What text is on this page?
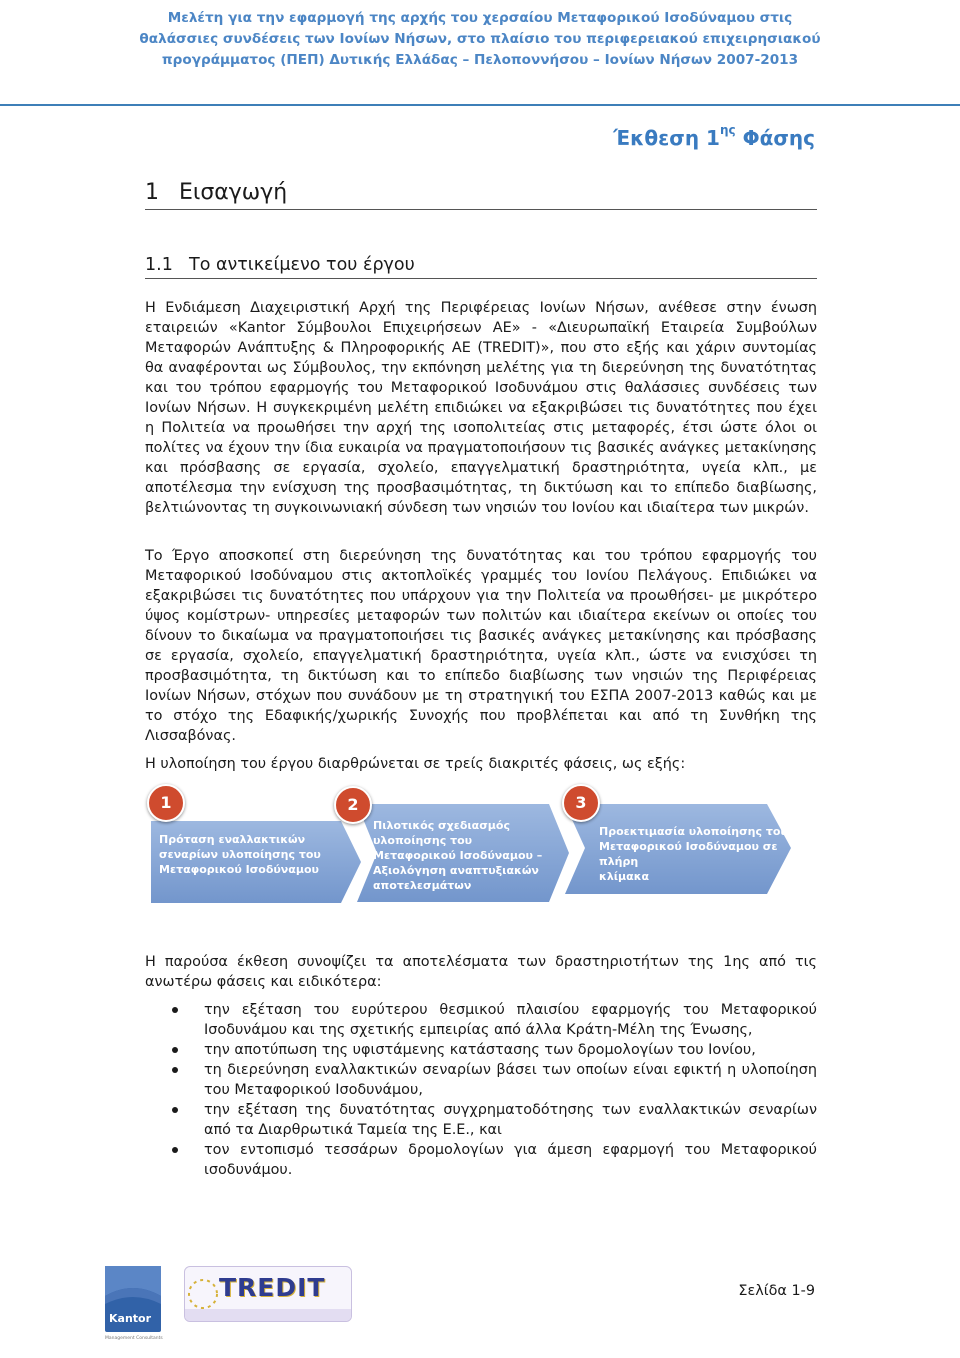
Μελέτη για την εφαρμογή της αρχής του χερσαίου Μεταφορικού Ισοδύναμου στις
θαλάσσιες συνδέσεις των Ιονίων Νήσων, στο πλαίσιο του περιφερειακού επιχειρησιακού
προγράμματος (ΠΕΠ) Δυτικής Ελλάδας – Πελοποννήσου – Ιονίων Νήσων 2007-2013
Έκθεση $1^{\eta\varsigma}$ Φάσης
1 Εισαγωγή
1.1 Το αντικείμενο του έργου

Η Ενδιάμεση Διαχειριστική Αρχή της Περιφέρειας Ιονίων Νήσων, ανέθεσε στην ένωση εταιρειών «Kantor Σύμβουλοι Επιχειρήσεων ΑΕ» - «Διευρωπαϊκή Εταιρεία Συμβούλων Μεταφορών Ανάπτυξης & Πληροφορικής ΑΕ (TREDIT)», που στο εξής και χάριν συντομίας θα αναφέρονται ως Σύμβουλος, την εκπόνηση μελέτης για τη διερεύνηση της δυνατότητας και του τρόπου εφαρμογής του Μεταφορικού Ισοδυνάμου στις θαλάσσιες συνδέσεις των Ιονίων Νήσων. Η συγκεκριμένη μελέτη επιδιώκει να εξακριβώσει τις δυνατότητες που έχει η Πολιτεία να προωθήσει την αρχή της ισοπολιτείας στις μεταφορές, έτσι ώστε όλοι οι πολίτες να έχουν την ίδια ευκαιρία να πραγματοποιήσουν τις βασικές ανάγκες μετακίνησης και πρόσβασης σε εργασία, σχολείο, επαγγελματική δραστηριότητα, υγεία κλπ., με αποτέλεσμα την ενίσχυση της προσβασιμότητας, τη δικτύωση και το επίπεδο διαβίωσης, βελτιώνοντας τη συγκοινωνιακή σύνδεση των νησιών του Ιονίου και ιδιαίτερα των μικρών.

Το Έργο αποσκοπεί στη διερεύνηση της δυνατότητας και του τρόπου εφαρμογής του Μεταφορικού Ισοδύναμου στις ακτοπλοϊκές γραμμές του Ιονίου Πελάγους. Επιδιώκει να εξακριβώσει τις δυνατότητες που υπάρχουν για την Πολιτεία να προωθήσει- με μικρότερο ύψος κομίστρων- υπηρεσίες μεταφορών των πολιτών και ιδιαίτερα εκείνων οι οποίες του δίνουν το δικαίωμα να πραγματοποιήσει τις βασικές ανάγκες μετακίνησης και πρόσβασης σε εργασία, σχολείο, επαγγελματική δραστηριότητα, υγεία κλπ., ώστε να ενισχύσει τη προσβασιμότητα, τη δικτύωση και το επίπεδο διαβίωσης των νησιών της Περιφέρειας Ιονίων Νήσων, στόχων που συνάδουν με τη στρατηγική του ΕΣΠΑ 2007-2013 καθώς και με το στόχο της Εδαφικής/χωρικής Συνοχής που προβλέπεται και από τη Συνθήκη της Λισσαβόνας.

Η υλοποίηση του έργου διαρθρώνεται σε τρείς διακριτές φάσεις, ως εξής:

1	2	3
Πρόταση εναλλακτικών
σεναρίων υλοποίησης του
Μεταφορικού Ισοδύναμου
Πιλοτικός σχεδιασμός
υλοποίησης του
Μεταφορικού Ισοδύναμου –
Αξιολόγηση αναπτυξιακών
αποτελεσμάτων
Προεκτιμασία υλοποίησης του
Μεταφορικού Ισοδύναμου σε πλήρη
κλίμακα

Η παρούσα έκθεση συνοψίζει τα αποτελέσματα των δραστηριοτήτων της 1ης από τις ανωτέρω φάσεις και ειδικότερα:

την εξέταση του ευρύτερου θεσμικού πλαισίου εφαρμογής του Μεταφορικού Ισοδυνάμου και της σχετικής εμπειρίας από άλλα Κράτη-Μέλη της Ένωσης,
την αποτύπωση της υφιστάμενης κατάστασης των δρομολογίων του Ιονίου,
τη διερεύνηση εναλλακτικών σεναρίων βάσει των οποίων είναι εφικτή η υλοποίηση του Μεταφορικού Ισοδυνάμου,
την εξέταση της δυνατότητας συγχρηματοδότησης των εναλλακτικών σεναρίων από τα Διαρθρωτικά Ταμεία της Ε.Ε., και
τον εντοπισμό τεσσάρων δρομολογίων για άμεση εφαρμογή του Μεταφορικού ισοδυνάμου.
Kantor
Management Consultants
TREDIT	Σελίδα 1-9
